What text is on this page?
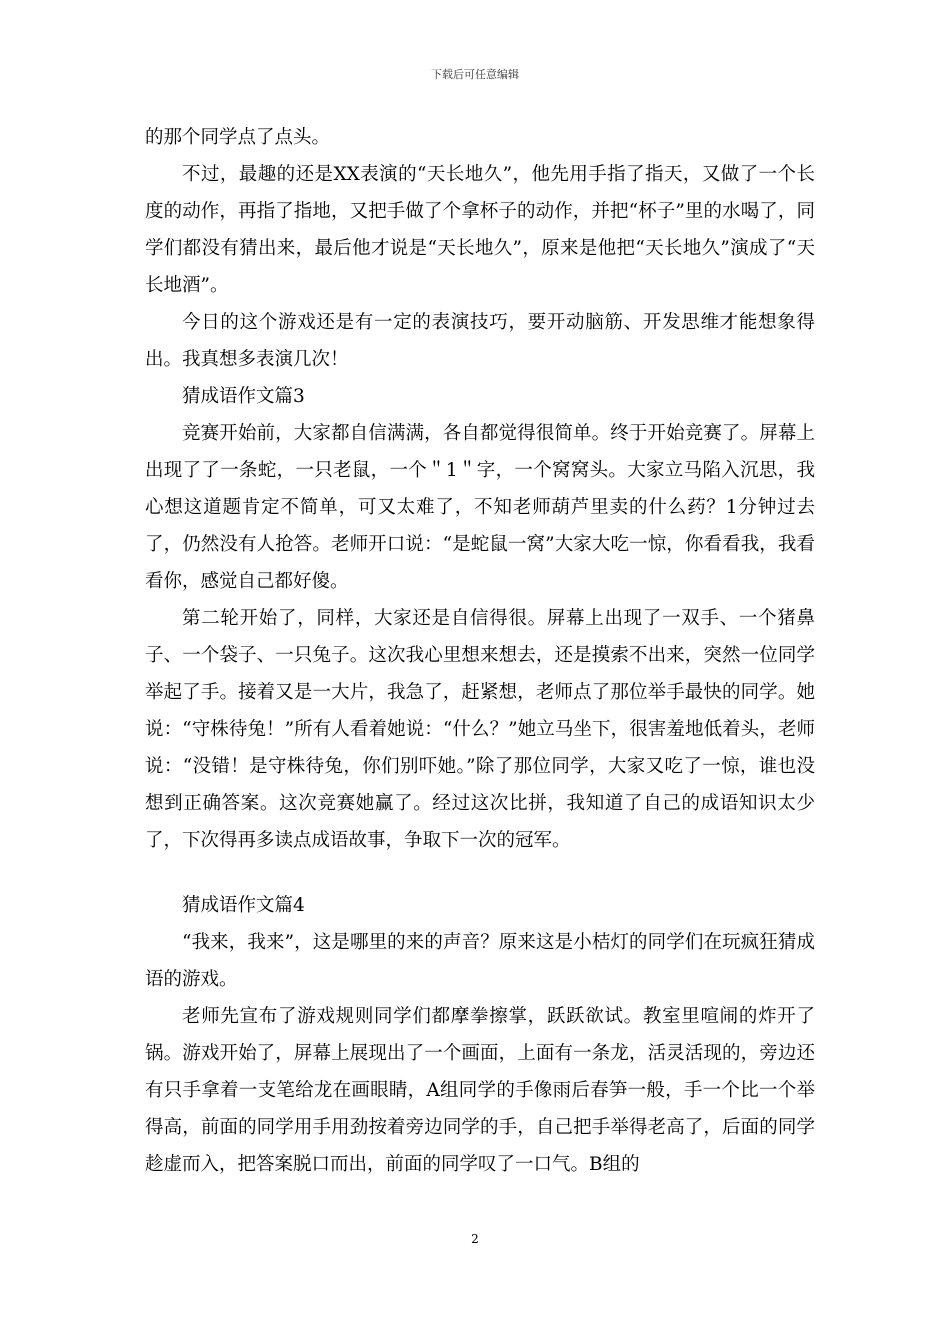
下载后可任意编辑

的那个同学点了点头。

不过，最趣的还是XX表演的“天长地久”，他先用手指了指天，又做了一个长度的动作，再指了指地，又把手做了个拿杯子的动作，并把“杯子”里的水喝了，同学们都没有猜出来，最后他才说是“天长地久”，原来是他把“天长地久”演成了“天长地酒”。

今日的这个游戏还是有一定的表演技巧，要开动脑筋、开发思维才能想象得出。我真想多表演几次！

猜成语作文篇3

竞赛开始前，大家都自信满满，各自都觉得很简单。终于开始竞赛了。屏幕上出现了了一条蛇，一只老鼠，一个＂1＂字，一个窝窝头。大家立马陷入沉思，我心想这道题肯定不简单，可又太难了，不知老师葫芦里卖的什么药？1分钟过去了，仍然没有人抢答。老师开口说：“是蛇鼠一窝”大家大吃一惊，你看看我，我看看你，感觉自己都好傻。

第二轮开始了，同样，大家还是自信得很。屏幕上出现了一双手、一个猪鼻子、一个袋子、一只兔子。这次我心里想来想去，还是摸索不出来，突然一位同学举起了手。接着又是一大片，我急了，赶紧想，老师点了那位举手最快的同学。她说：“守株待兔！”所有人看着她说：“什么？”她立马坐下，很害羞地低着头，老师说：“没错！是守株待兔，你们别吓她。”除了那位同学，大家又吃了一惊，谁也没想到正确答案。这次竞赛她赢了。经过这次比拼，我知道了自己的成语知识太少了，下次得再多读点成语故事，争取下一次的冠军。

猜成语作文篇4

“我来，我来”，这是哪里的来的声音？原来这是小桔灯的同学们在玩疯狂猜成语的游戏。

老师先宣布了游戏规则同学们都摩拳擦掌，跃跃欲试。教室里喧闹的炸开了锅。游戏开始了，屏幕上展现出了一个画面，上面有一条龙，活灵活现的，旁边还有只手拿着一支笔给龙在画眼睛，A组同学的手像雨后春笋一般，手一个比一个举得高，前面的同学用手用劲按着旁边同学的手，自己把手举得老高了，后面的同学趁虚而入，把答案脱口而出，前面的同学叹了一口气。B组的

2
